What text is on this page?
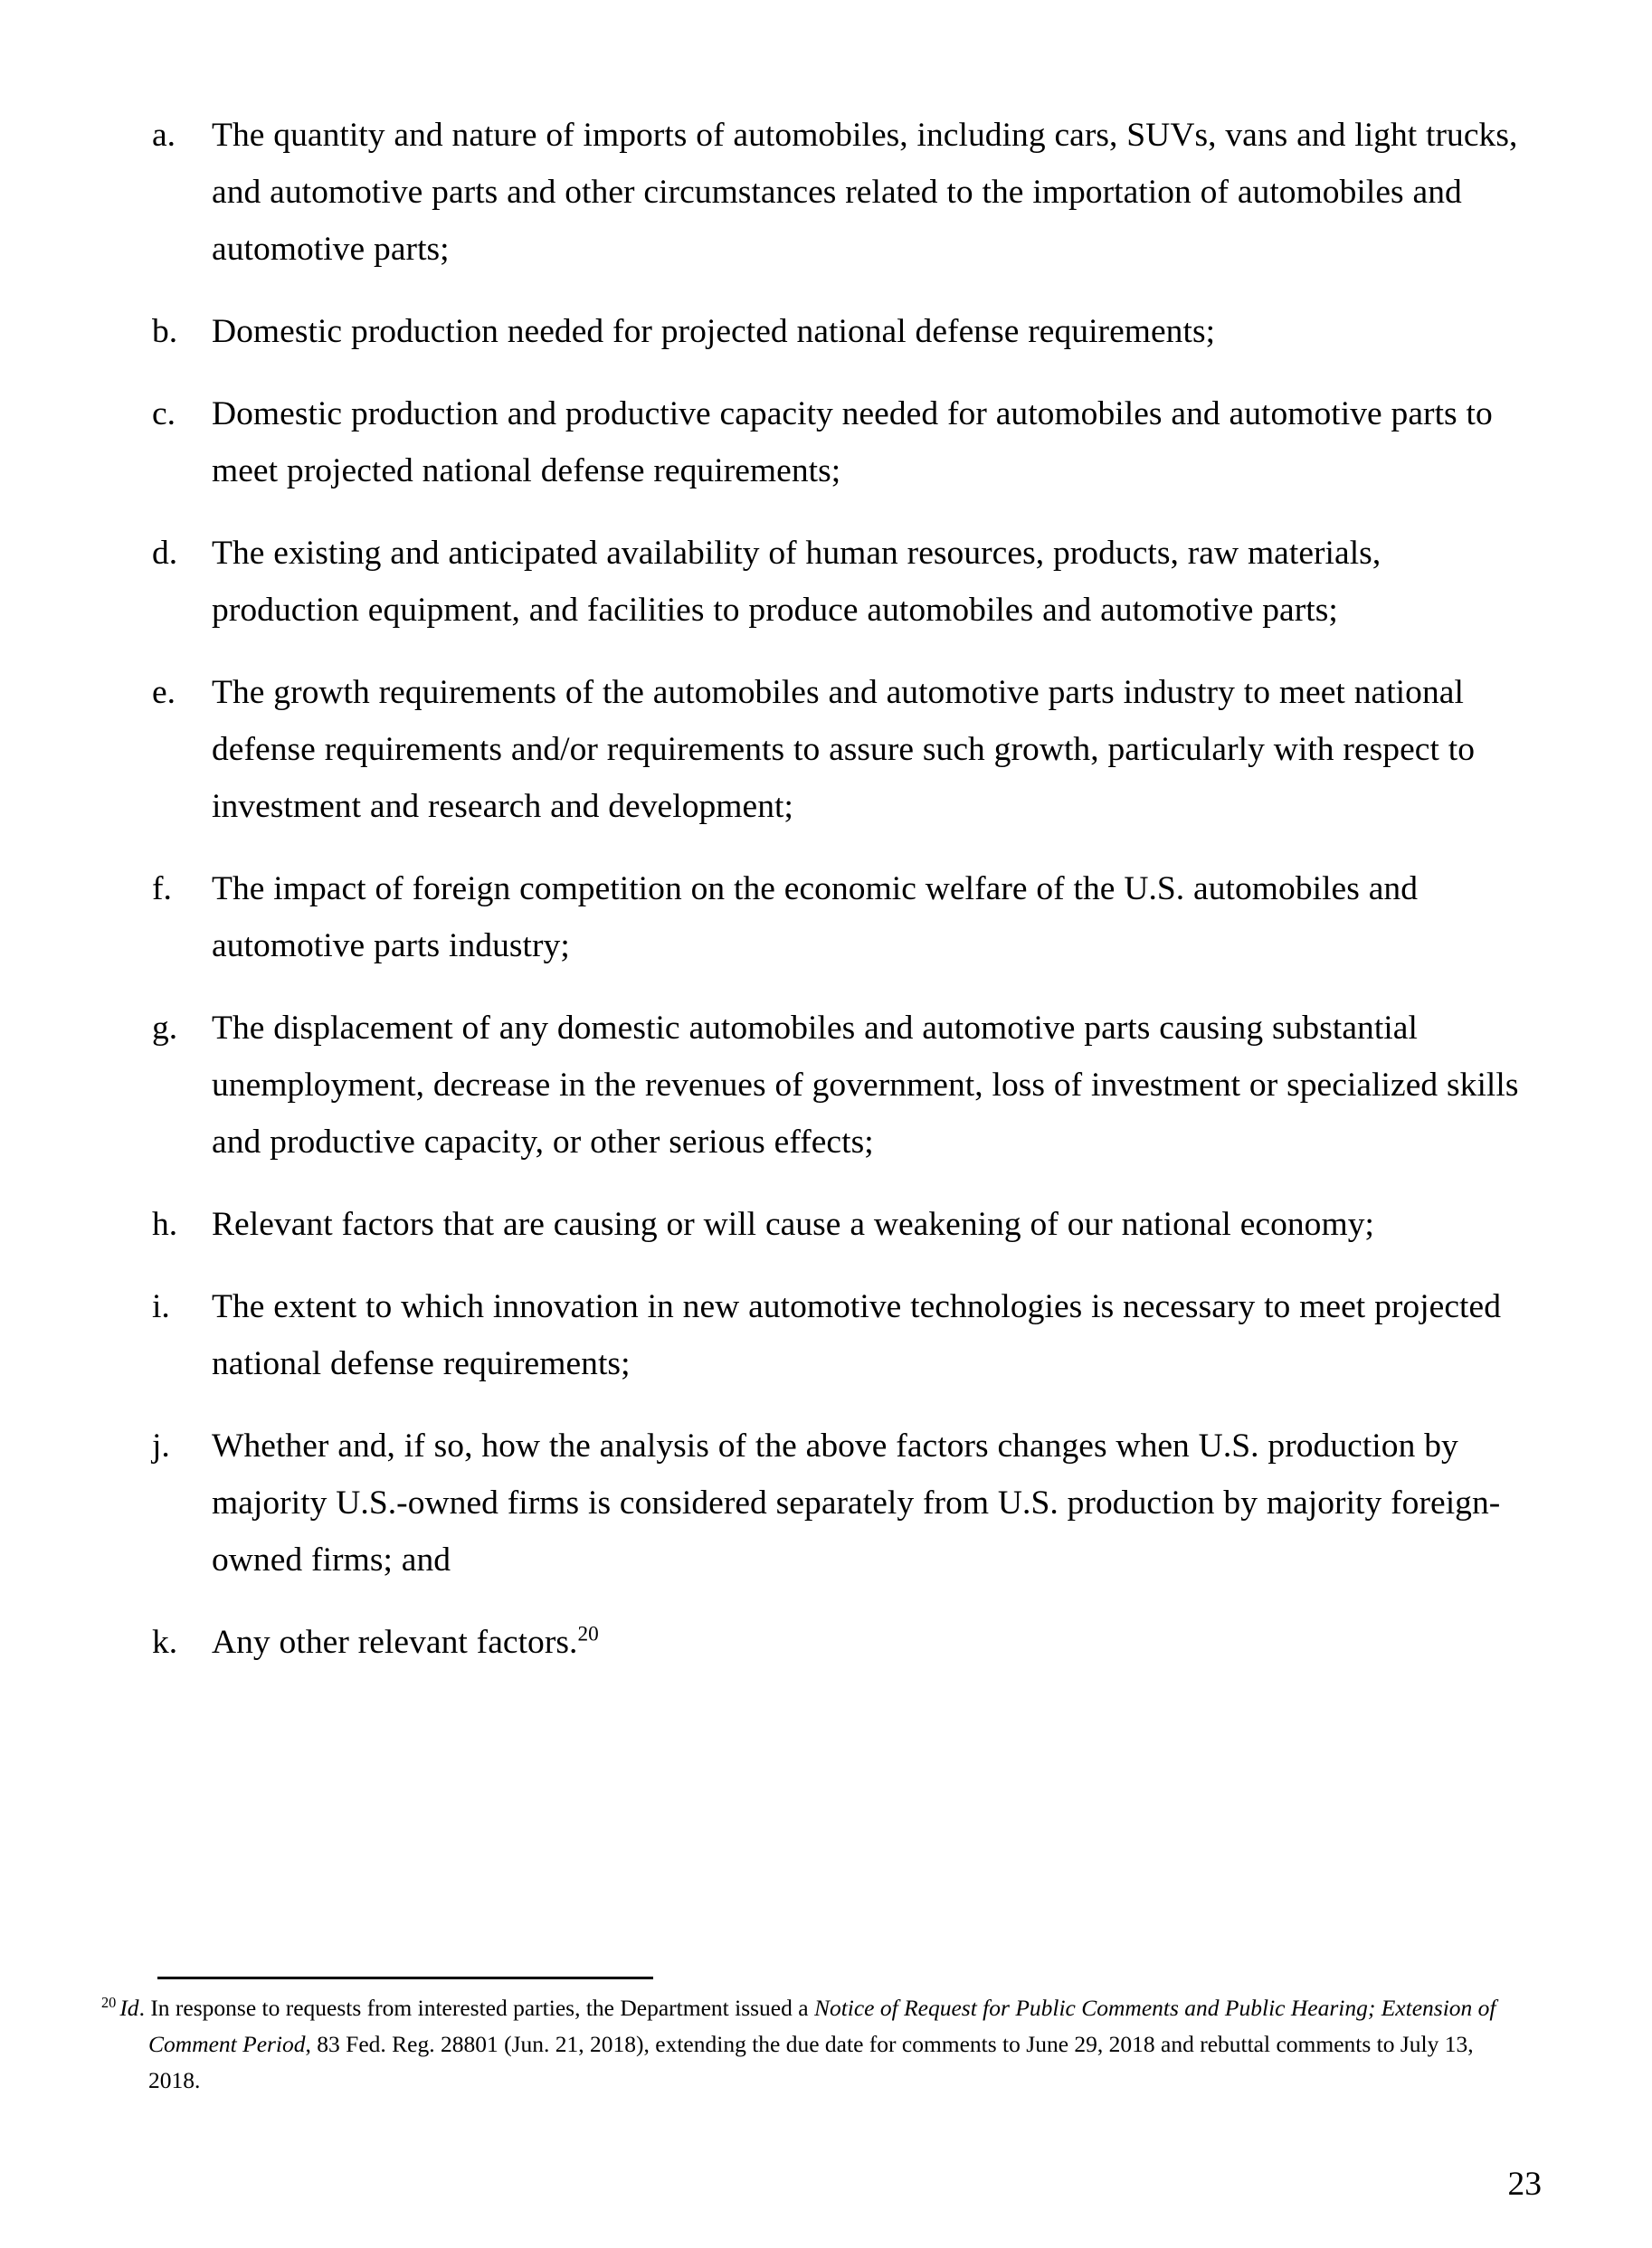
a.	The quantity and nature of imports of automobiles, including cars, SUVs, vans and light trucks, and automotive parts and other circumstances related to the importation of automobiles and automotive parts;
b.	Domestic production needed for projected national defense requirements;
c.	Domestic production and productive capacity needed for automobiles and automotive parts to meet projected national defense requirements;
d.	The existing and anticipated availability of human resources, products, raw materials, production equipment, and facilities to produce automobiles and automotive parts;
e.	The growth requirements of the automobiles and automotive parts industry to meet national defense requirements and/or requirements to assure such growth, particularly with respect to investment and research and development;
f.	The impact of foreign competition on the economic welfare of the U.S. automobiles and automotive parts industry;
g.	The displacement of any domestic automobiles and automotive parts causing substantial unemployment, decrease in the revenues of government, loss of investment or specialized skills and productive capacity, or other serious effects;
h.	Relevant factors that are causing or will cause a weakening of our national economy;
i.	The extent to which innovation in new automotive technologies is necessary to meet projected national defense requirements;
j.	Whether and, if so, how the analysis of the above factors changes when U.S. production by majority U.S.-owned firms is considered separately from U.S. production by majority foreign-owned firms; and
k.	Any other relevant factors.$^{20}$
$^{20}$ Id. In response to requests from interested parties, the Department issued a Notice of Request for Public Comments and Public Hearing; Extension of Comment Period, 83 Fed. Reg. 28801 (Jun. 21, 2018), extending the due date for comments to June 29, 2018 and rebuttal comments to July 13, 2018.
23
